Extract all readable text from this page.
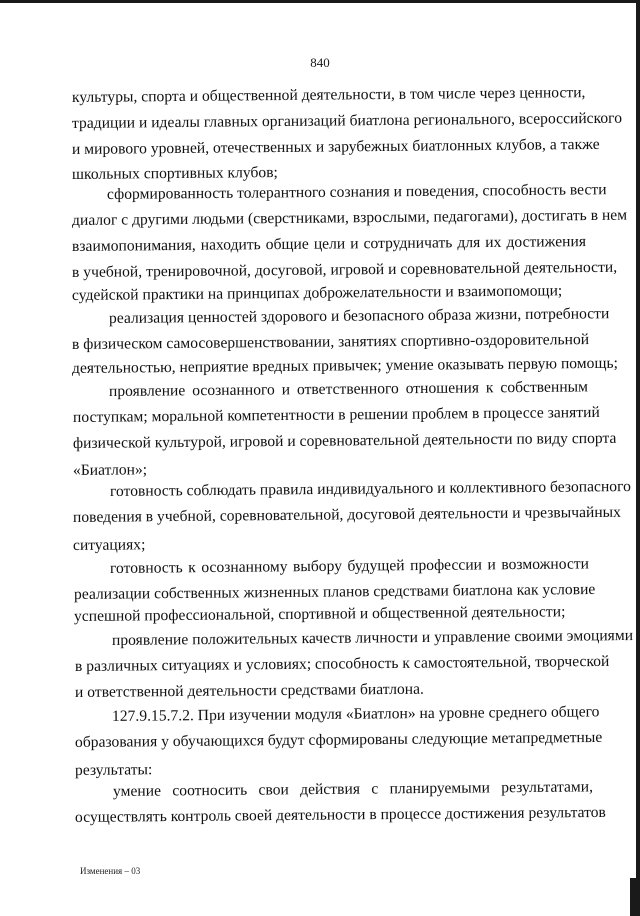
840
культуры, спорта и общественной деятельности, в том числе через ценности,
традиции и идеалы главных организаций биатлона регионального, всероссийского
и мирового уровней, отечественных и зарубежных биатлонных клубов, а также
школьных спортивных клубов;
сформированность толерантного сознания и поведения, способность вести
диалог с другими людьми (сверстниками, взрослыми, педагогами), достигать в нем
взаимопонимания, находить общие цели и сотрудничать для их достижения
в учебной, тренировочной, досуговой, игровой и соревновательной деятельности,
судейской практики на принципах доброжелательности и взаимопомощи;
реализация ценностей здорового и безопасного образа жизни, потребности
в физическом самосовершенствовании, занятиях спортивно-оздоровительной
деятельностью, неприятие вредных привычек; умение оказывать первую помощь;
проявление осознанного и ответственного отношения к собственным
поступкам; моральной компетентности в решении проблем в процессе занятий
физической культурой, игровой и соревновательной деятельности по виду спорта
«Биатлон»;
готовность соблюдать правила индивидуального и коллективного безопасного
поведения в учебной, соревновательной, досуговой деятельности и чрезвычайных
ситуациях;
готовность к осознанному выбору будущей профессии и возможности
реализации собственных жизненных планов средствами биатлона как условие
успешной профессиональной, спортивной и общественной деятельности;
проявление положительных качеств личности и управление своими эмоциями
в различных ситуациях и условиях; способность к самостоятельной, творческой
и ответственной деятельности средствами биатлона.
127.9.15.7.2. При изучении модуля «Биатлон» на уровне среднего общего
образования у обучающихся будут сформированы следующие метапредметные
результаты:
умение соотносить свои действия с планируемыми результатами,
осуществлять контроль своей деятельности в процессе достижения результатов
Изменения – 03
